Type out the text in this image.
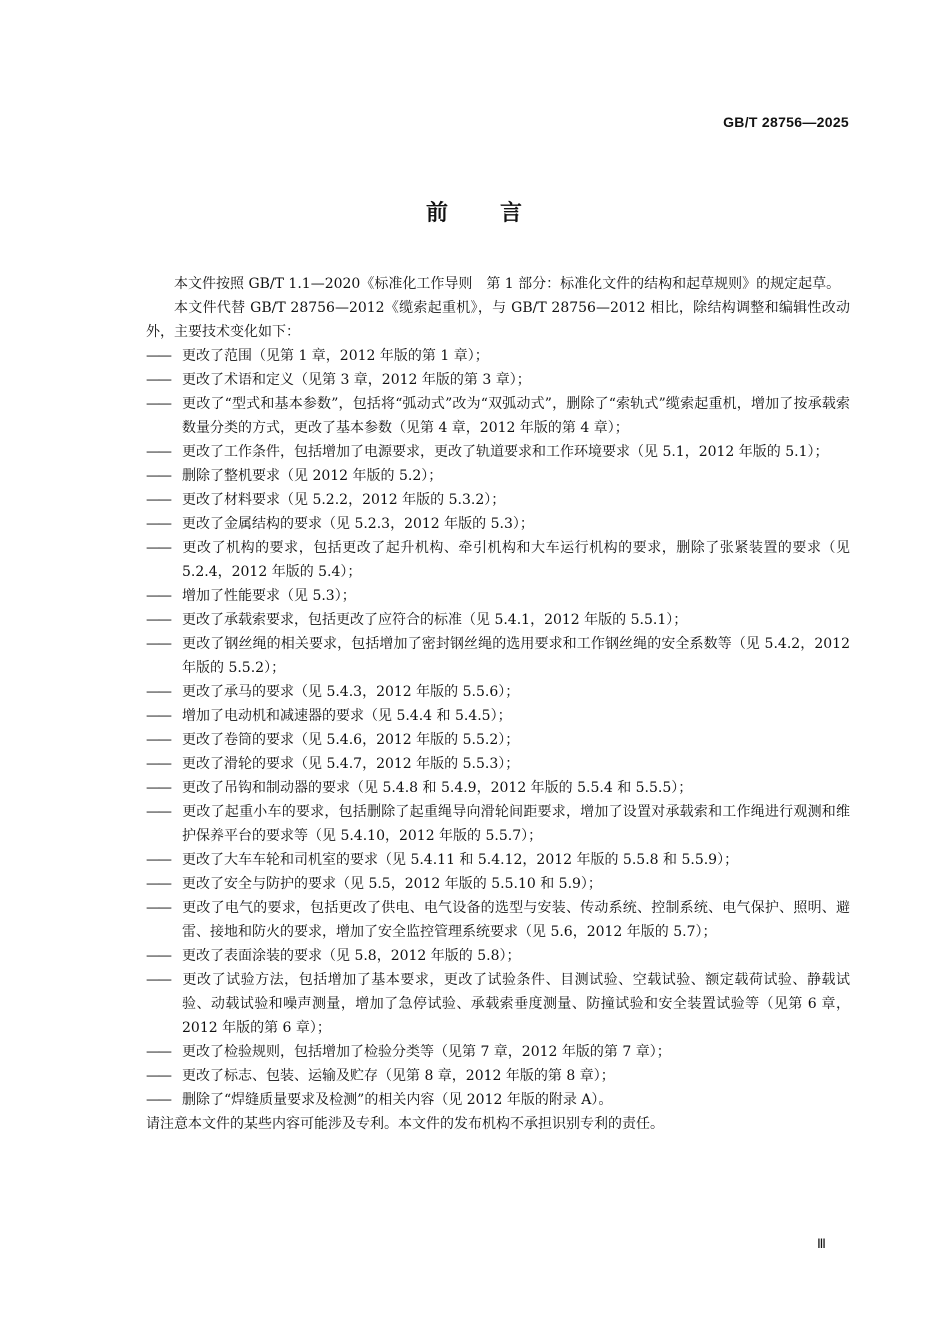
GB/T 28756—2025
前 言

本文件按照 GB/T 1.1—2020《标准化工作导则　第 1 部分：标准化文件的结构和起草规则》的规定起草。

本文件代替 GB/T 28756—2012《缆索起重机》，与 GB/T 28756—2012 相比，除结构调整和编辑性改动外，主要技术变化如下：

—— 更改了范围（见第 1 章，2012 年版的第 1 章）；
—— 更改了术语和定义（见第 3 章，2012 年版的第 3 章）；
—— 更改了“型式和基本参数”，包括将“弧动式”改为“双弧动式”，删除了“索轨式”缆索起重机，增加了按承载索数量分类的方式，更改了基本参数（见第 4 章，2012 年版的第 4 章）；
—— 更改了工作条件，包括增加了电源要求，更改了轨道要求和工作环境要求（见 5.1，2012 年版的 5.1）；
—— 删除了整机要求（见 2012 年版的 5.2）；
—— 更改了材料要求（见 5.2.2，2012 年版的 5.3.2）；
—— 更改了金属结构的要求（见 5.2.3，2012 年版的 5.3）；
—— 更改了机构的要求，包括更改了起升机构、牵引机构和大车运行机构的要求，删除了张紧装置的要求（见 5.2.4，2012 年版的 5.4）；
—— 增加了性能要求（见 5.3）；
—— 更改了承载索要求，包括更改了应符合的标准（见 5.4.1，2012 年版的 5.5.1）；
—— 更改了钢丝绳的相关要求，包括增加了密封钢丝绳的选用要求和工作钢丝绳的安全系数等（见 5.4.2，2012 年版的 5.5.2）；
—— 更改了承马的要求（见 5.4.3，2012 年版的 5.5.6）；
—— 增加了电动机和减速器的要求（见 5.4.4 和 5.4.5）；
—— 更改了卷筒的要求（见 5.4.6，2012 年版的 5.5.2）；
—— 更改了滑轮的要求（见 5.4.7，2012 年版的 5.5.3）；
—— 更改了吊钩和制动器的要求（见 5.4.8 和 5.4.9，2012 年版的 5.5.4 和 5.5.5）；
—— 更改了起重小车的要求，包括删除了起重绳导向滑轮间距要求，增加了设置对承载索和工作绳进行观测和维护保养平台的要求等（见 5.4.10，2012 年版的 5.5.7）；
—— 更改了大车车轮和司机室的要求（见 5.4.11 和 5.4.12，2012 年版的 5.5.8 和 5.5.9）；
—— 更改了安全与防护的要求（见 5.5，2012 年版的 5.5.10 和 5.9）；
—— 更改了电气的要求，包括更改了供电、电气设备的选型与安装、传动系统、控制系统、电气保护、照明、避雷、接地和防火的要求，增加了安全监控管理系统要求（见 5.6，2012 年版的 5.7）；
—— 更改了表面涂装的要求（见 5.8，2012 年版的 5.8）；
—— 更改了试验方法，包括增加了基本要求，更改了试验条件、目测试验、空载试验、额定载荷试验、静载试验、动载试验和噪声测量，增加了急停试验、承载索垂度测量、防撞试验和安全装置试验等（见第 6 章，2012 年版的第 6 章）；
—— 更改了检验规则，包括增加了检验分类等（见第 7 章，2012 年版的第 7 章）；
—— 更改了标志、包装、运输及贮存（见第 8 章，2012 年版的第 8 章）；
—— 删除了“焊缝质量要求及检测”的相关内容（见 2012 年版的附录 A）。

请注意本文件的某些内容可能涉及专利。本文件的发布机构不承担识别专利的责任。

Ⅲ
